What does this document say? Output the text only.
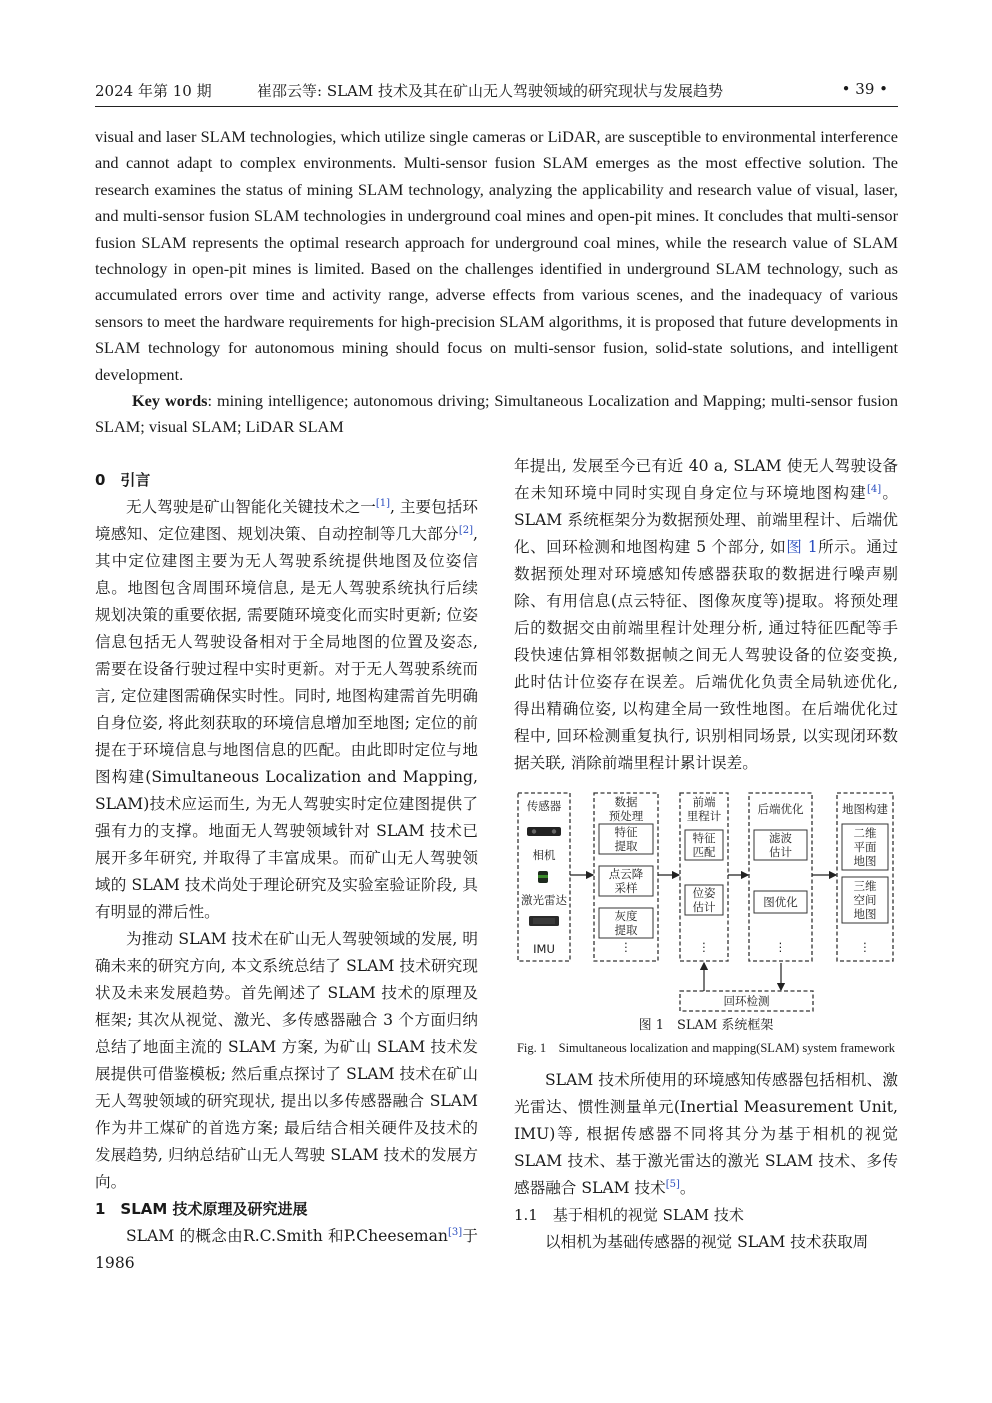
2024 年第 10 期	崔邵云等: SLAM 技术及其在矿山无人驾驶领域的研究现状与发展趋势	• 39 •

visual and laser SLAM technologies, which utilize single cameras or LiDAR, are susceptible to environmental interference and cannot adapt to complex environments. Multi-sensor fusion SLAM emerges as the most effective solution. The research examines the status of mining SLAM technology, analyzing the applicability and research value of visual, laser, and multi-sensor fusion SLAM technologies in underground coal mines and open-pit mines. It concludes that multi-sensor fusion SLAM represents the optimal research approach for underground coal mines, while the research value of SLAM technology in open-pit mines is limited. Based on the challenges identified in underground SLAM technology, such as accumulated errors over time and activity range, adverse effects from various scenes, and the inadequacy of various sensors to meet the hardware requirements for high-precision SLAM algorithms, it is proposed that future developments in SLAM technology for autonomous mining should focus on multi-sensor fusion, solid-state solutions, and intelligent development.

Key words: mining intelligence; autonomous driving; Simultaneous Localization and Mapping; multi-sensor fusion SLAM; visual SLAM; LiDAR SLAM

0　引言

无人驾驶是矿山智能化关键技术之一[1], 主要包括环境感知、定位建图、规划决策、自动控制等几大部分[2], 其中定位建图主要为无人驾驶系统提供地图及位姿信息。地图包含周围环境信息, 是无人驾驶系统执行后续规划决策的重要依据, 需要随环境变化而实时更新; 位姿信息包括无人驾驶设备相对于全局地图的位置及姿态, 需要在设备行驶过程中实时更新。对于无人驾驶系统而言, 定位建图需确保实时性。同时, 地图构建需首先明确自身位姿, 将此刻获取的环境信息增加至地图; 定位的前提在于环境信息与地图信息的匹配。由此即时定位与地图构建(Simultaneous Localization and Mapping, SLAM)技术应运而生, 为无人驾驶实时定位建图提供了强有力的支撑。地面无人驾驶领域针对 SLAM 技术已展开多年研究, 并取得了丰富成果。而矿山无人驾驶领域的 SLAM 技术尚处于理论研究及实验室验证阶段, 具有明显的滞后性。

为推动 SLAM 技术在矿山无人驾驶领域的发展, 明确未来的研究方向, 本文系统总结了 SLAM 技术研究现状及未来发展趋势。首先阐述了 SLAM 技术的原理及框架; 其次从视觉、激光、多传感器融合 3 个方面归纳总结了地面主流的 SLAM 方案, 为矿山 SLAM 技术发展提供可借鉴模板; 然后重点探讨了 SLAM 技术在矿山无人驾驶领域的研究现状, 提出以多传感器融合 SLAM 作为井工煤矿的首选方案; 最后结合相关硬件及技术的发展趋势, 归纳总结矿山无人驾驶 SLAM 技术的发展方向。

1　SLAM 技术原理及研究进展

SLAM 的概念由R.C.Smith 和P.Cheeseman[3]于1986

年提出, 发展至今已有近 40 a, SLAM 使无人驾驶设备在未知环境中同时实现自身定位与环境地图构建[4]。SLAM 系统框架分为数据预处理、前端里程计、后端优化、回环检测和地图构建 5 个部分, 如图 1所示。通过数据预处理对环境感知传感器获取的数据进行噪声剔除、有用信息(点云特征、图像灰度等)提取。将预处理后的数据交由前端里程计处理分析, 通过特征匹配等手段快速估算相邻数据帧之间无人驾驶设备的位姿变换, 此时估计位姿存在误差。后端优化负责全局轨迹优化, 得出精确位姿, 以构建全局一致性地图。在后端优化过程中, 回环检测重复执行, 识别相同场景, 以实现闭环数据关联, 消除前端里程计累计误差。

传感器
相机
激光雷达
IMU
数据
预处理
特征
提取
点云降
采样
灰度
提取
⋮
前端
里程计
特征
匹配
位姿
估计
⋮
后端优化
滤波
估计
图优化
⋮
地图构建
二维
平面
地图
三维
空间
地图
⋮
回环检测

图 1　SLAM 系统框架

Fig. 1　Simultaneous localization and mapping(SLAM) system framework

SLAM 技术所使用的环境感知传感器包括相机、激光雷达、惯性测量单元(Inertial Measurement Unit, IMU)等, 根据传感器不同将其分为基于相机的视觉 SLAM 技术、基于激光雷达的激光 SLAM 技术、多传感器融合 SLAM 技术[5]。

1.1　基于相机的视觉 SLAM 技术

以相机为基础传感器的视觉 SLAM 技术获取周
